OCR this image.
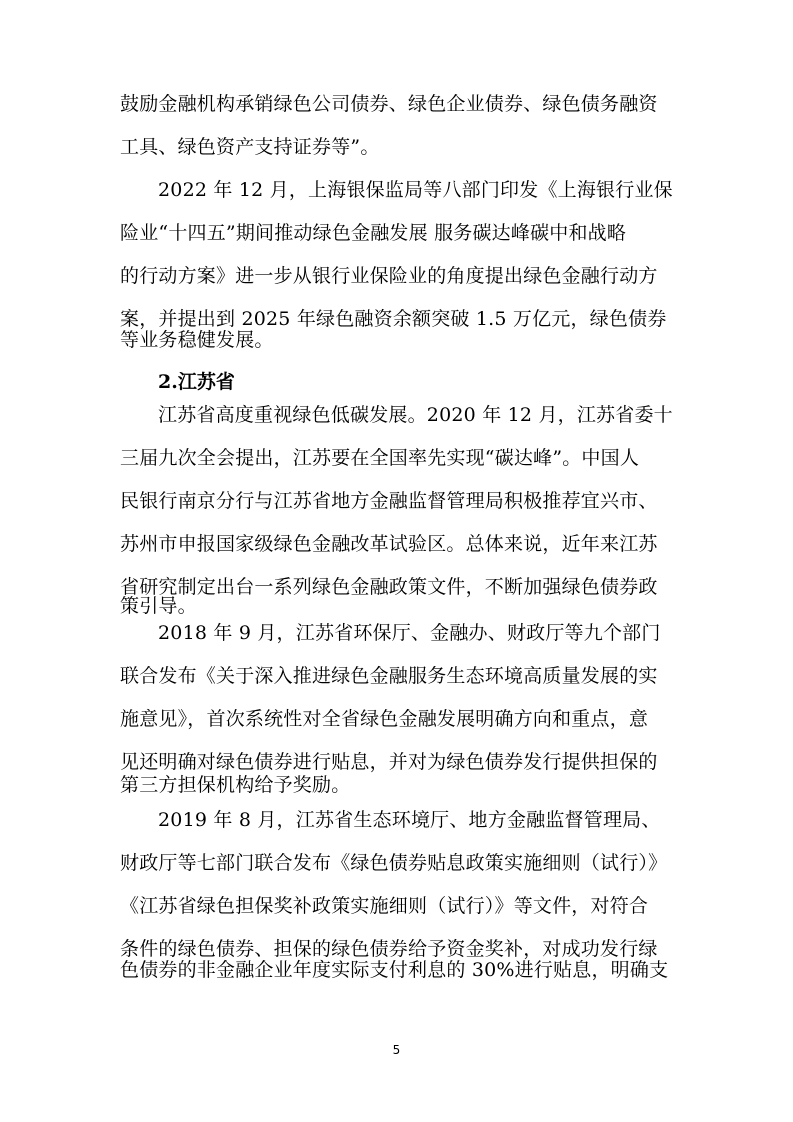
鼓励金融机构承销绿色公司债券、绿色企业债券、绿色债务融资
工具、绿色资产支持证券等”。
2022 年 12 月，上海银保监局等八部门印发《上海银行业保
险业“十四五”期间推动绿色金融发展 服务碳达峰碳中和战略
的行动方案》进一步从银行业保险业的角度提出绿色金融行动方
案，并提出到 2025 年绿色融资余额突破 1.5 万亿元，绿色债券
等业务稳健发展。
2.江苏省
江苏省高度重视绿色低碳发展。2020 年 12 月，江苏省委十
三届九次全会提出，江苏要在全国率先实现“碳达峰”。中国人
民银行南京分行与江苏省地方金融监督管理局积极推荐宜兴市、
苏州市申报国家级绿色金融改革试验区。总体来说，近年来江苏
省研究制定出台一系列绿色金融政策文件，不断加强绿色债券政
策引导。
2018 年 9 月，江苏省环保厅、金融办、财政厅等九个部门
联合发布《关于深入推进绿色金融服务生态环境高质量发展的实
施意见》，首次系统性对全省绿色金融发展明确方向和重点，意
见还明确对绿色债券进行贴息，并对为绿色债券发行提供担保的
第三方担保机构给予奖励。
2019 年 8 月，江苏省生态环境厅、地方金融监督管理局、
财政厅等七部门联合发布《绿色债券贴息政策实施细则（试行）》
《江苏省绿色担保奖补政策实施细则（试行）》等文件，对符合
条件的绿色债券、担保的绿色债券给予资金奖补，对成功发行绿
色债券的非金融企业年度实际支付利息的 30%进行贴息，明确支
5
